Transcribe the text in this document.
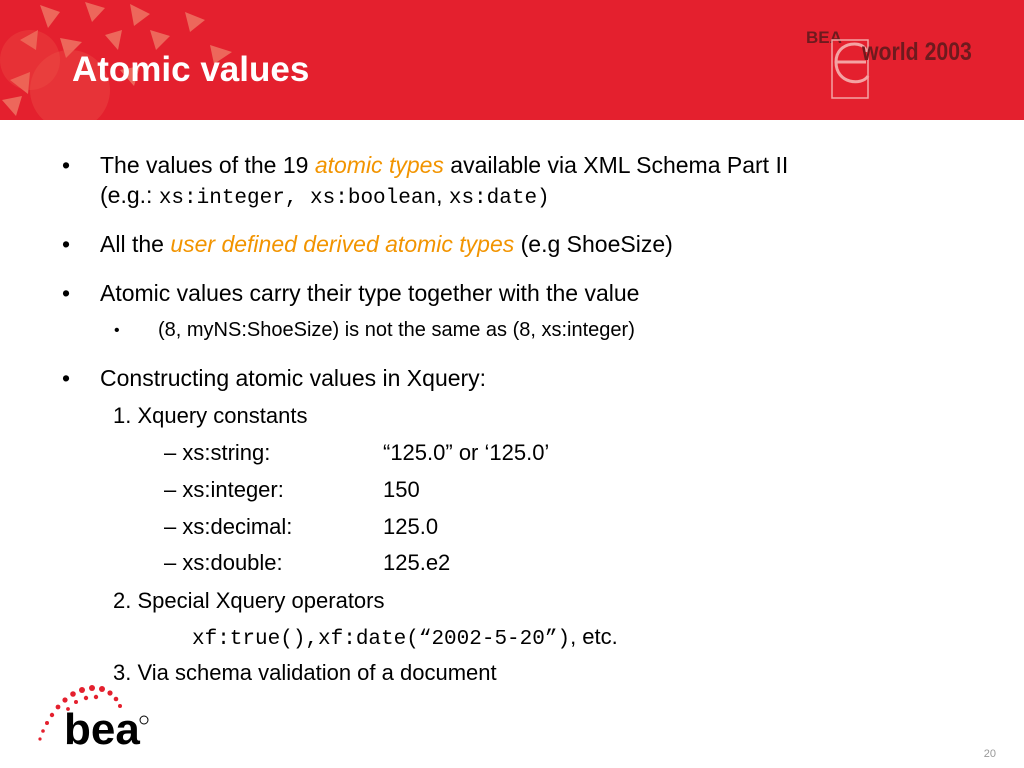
Atomic values
BEA
world 2003
• The values of the 19 atomic types available via XML Schema Part II
(e.g.: xs:integer, xs:boolean, xs:date)
• All the user defined derived atomic types (e.g ShoeSize)
• Atomic values carry their type together with the value
• (8, myNS:ShoeSize) is not the same as (8, xs:integer)
• Constructing atomic values in Xquery:
1. Xquery constants
– xs:string:	“125.0” or ‘125.0’
– xs:integer:	150
– xs:decimal:	125.0
– xs:double:	125.e2
2. Special Xquery operators
xf:true(),xf:date(“2002-5-20”), etc.
3. Via schema validation of a document
bea	20
